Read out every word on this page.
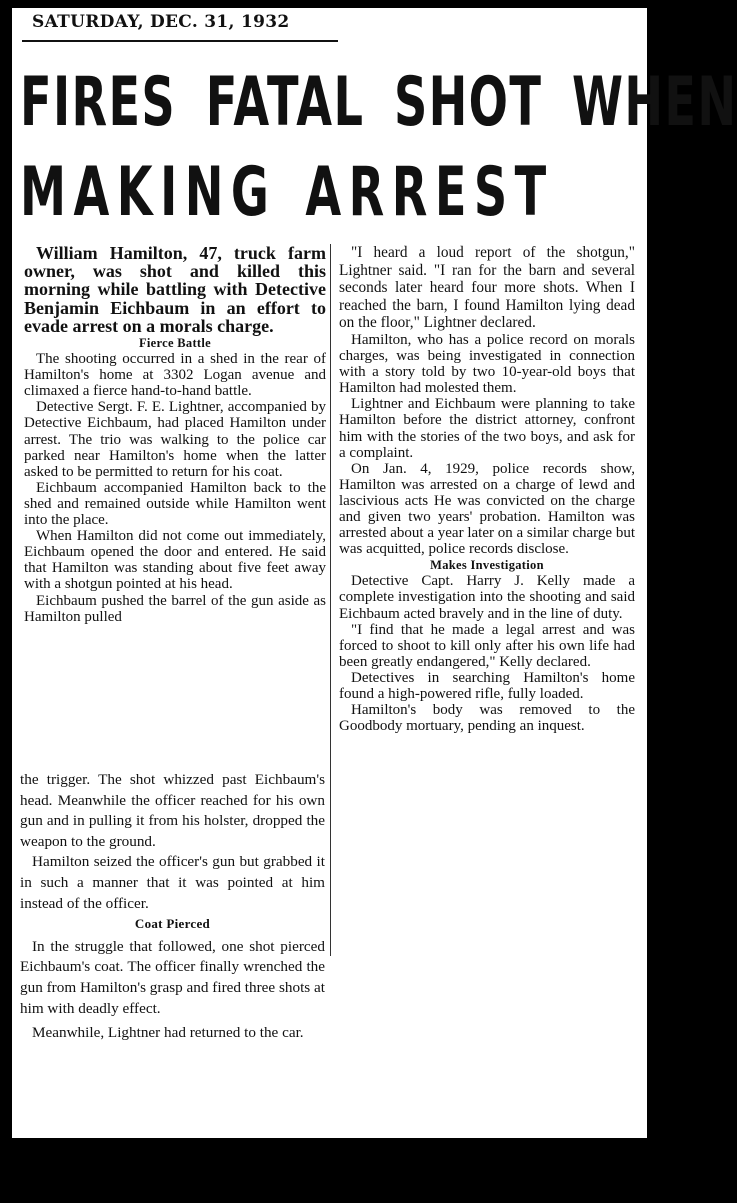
SATURDAY, DEC. 31, 1932
FIRES FATAL SHOT WHEN
MAKING ARREST

William Hamilton, 47, truck farm owner, was shot and killed this morning while battling with Detective Benjamin Eichbaum in an effort to evade arrest on a morals charge.

Fierce Battle

The shooting occurred in a shed in the rear of Hamilton's home at 3302 Logan avenue and climaxed a fierce hand-to-hand battle.

Detective Sergt. F. E. Lightner, accompanied by Detective Eichbaum, had placed Hamilton under arrest. The trio was walking to the police car parked near Hamilton's home when the latter asked to be permitted to return for his coat.

Eichbaum accompanied Hamilton back to the shed and remained outside while Hamilton went into the place.

When Hamilton did not come out immediately, Eichbaum opened the door and entered. He said that Hamilton was standing about five feet away with a shotgun pointed at his head.

Eichbaum pushed the barrel of the gun aside as Hamilton pulled

the trigger. The shot whizzed past Eichbaum's head. Meanwhile the officer reached for his own gun and in pulling it from his holster, dropped the weapon to the ground.

Hamilton seized the officer's gun but grabbed it in such a manner that it was pointed at him instead of the officer.

Coat Pierced

In the struggle that followed, one shot pierced Eichbaum's coat. The officer finally wrenched the gun from Hamilton's grasp and fired three shots at him with deadly effect.

Meanwhile, Lightner had returned to the car.

"I heard a loud report of the shotgun," Lightner said. "I ran for the barn and several seconds later heard four more shots. When I reached the barn, I found Hamilton lying dead on the floor," Lightner declared.

Hamilton, who has a police record on morals charges, was being investigated in connection with a story told by two 10-year-old boys that Hamilton had molested them.

Lightner and Eichbaum were planning to take Hamilton before the district attorney, confront him with the stories of the two boys, and ask for a complaint.

On Jan. 4, 1929, police records show, Hamilton was arrested on a charge of lewd and lascivious acts He was convicted on the charge and given two years' probation. Hamilton was arrested about a year later on a similar charge but was acquitted, police records disclose.

Makes Investigation

Detective Capt. Harry J. Kelly made a complete investigation into the shooting and said Eichbaum acted bravely and in the line of duty.

"I find that he made a legal arrest and was forced to shoot to kill only after his own life had been greatly endangered," Kelly declared.

Detectives in searching Hamilton's home found a high-powered rifle, fully loaded.

Hamilton's body was removed to the Goodbody mortuary, pending an inquest.
